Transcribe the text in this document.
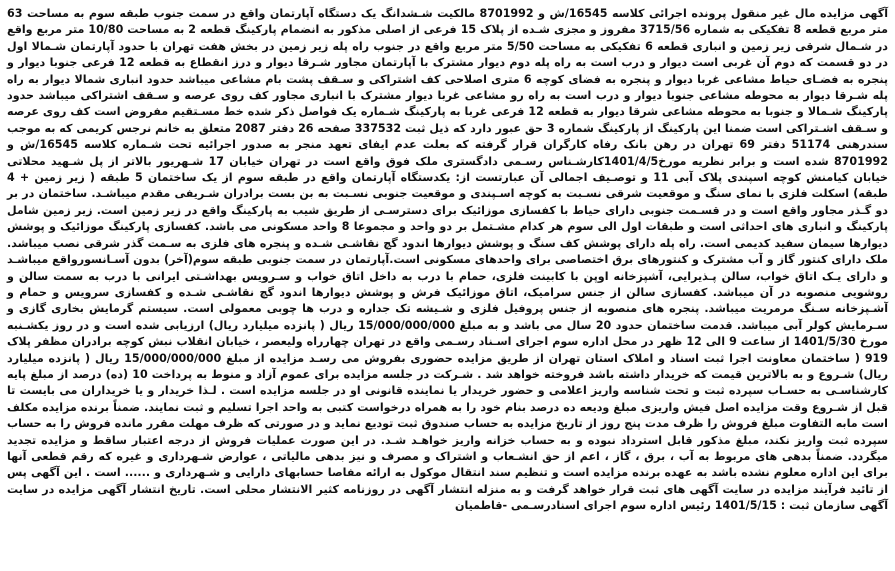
آگهی مزایده مال غیر منقول پرونده اجرائی کلاسه 16545/ش و 8701992 مالکیت شـشدانگ یک دستگاه آپارتمان واقع در سمت جنوب طبقه سوم به مساحت 63 متر مربع قطعه 8 تفکیکی به شماره 3715/56 مفروز و مجزی شـده از پلاک 15 فرعی از اصلی مذکور به انضمام پارکینگ قطعه 2 به مساحت 10/80 متر مربع واقع در شـمال شرقی زیر زمین و انباری قطعه 6 تفکیکی به مساحت 5/50 متر مربع واقع در جنوب راه پله زیر زمین در بخش هفت تهران با حدود آپارتمان شـمالا اول در دو قسمت که دوم آن غربی است دیوار و درب است به راه پله دوم دیوار مشترک با آپارتمان مجاور شـرقا دیوار و درز انقطاع به قطعه 12 فرعی جنوبا دیوار و پنجره به فضـای حیاط مشاعی غربا دیوار و پنجره به فضای کوچه 6 متری اصلاحی کف اشتراکی و سـقف پشت بام مشاعی میباشد حدود انباری شمالا دیوار به راه پله شـرقا دیوار به محوطه مشاعی جنوبا دیوار و درب است به راه رو مشاعی غربا دیوار مشترک با انباری مجاور کف روی عرصه و سـقف اشتراکی میباشد حدود پارکینگ شـمالا و جنوبا به محوطه مشاعی شرقا دیوار به قطعه 12 فرعی غربا به پارکینگ شـماره یک فواصل ذکر شده خط مسـتقیم مفروض است کف روی عرصه و سـقف اشـتراکی است ضمنا این پارکینگ از پارکینگ شماره 3 حق عبور دارد که ذیل ثبت 337532 صفحه 26 دفتر 2087 متعلق به خانم نرجس کریمی که به موجب سندرهنی 51174 دفتر 69 تهران در رهن بانک رفاه کارگران قرار گرفته که بعلت عدم ایفای تعهد منجر به صدور اجرائیه تحت شـماره کلاسه 16545/ش و 8701992 شده است و برابر نظریه مورخ1401/4/5کارشـناس رسـمی دادگستری ملک فوق واقع است در تهران خیابان 17 شـهریور بالاتر از پل شـهید محلاتی خیابان کیامنش کوچه اسپندی پلاک آبی 11 و توصـیف اجمالی آن عبارتست از: یکدستگاه آپارتمان واقع در طبقه سوم از یک ساختمان 5 طبقه ( زیر زمین + 4 طبقه) اسکلت فلزی با نمای سنگ و موقعیت شرقی نسـبت به کوچه اسـپندی و موقعیت جنوبی نسـبت به بن بست برادران شـریفی مقدم میباشـد. ساختمان در بر دو گـذر مجاور واقع است و در قسـمت جنوبی دارای حیاط با کفسازی موزائیک برای دسترسـی از طریق شیب به پارکینگ واقع در زیر زمین است. زیر زمین شامل پارکینگ و انباری های احداثی است و طبقات اول الی سوم هر کدام مشـتمل بر دو واحد و مجموعا 8 واحد مسکونی می باشد. کفسازی پارکینگ موزائیک و پوشش دیوارها سیمان سفید کدیمی است. راه پله دارای پوشش کف سنگ و پوشش دیوارها اندود گچ نقاشـی شـده و پنجره های فلزی به سـمت گذر شرقی نصب میباشد. ملک دارای کنتور گاز و آب مشترک و کنتورهای برق اختصاصی برای واحدهای مسکونی است.آپارتمان در سمت جنوبی طبقه سوم(آخر) بدون آسـانسورواقع میباشـد و دارای یـک اتاق خواب، سالن پـذیرایی، آشپزخانه اوپن با کابینت فلزی، حمام با درب به داخل اتاق خواب و سـرویس بهداشـتی ایرانی با درب به سمت سالن و روشویی منصوبه در آن میباشد. کفسازی سالن از جنس سرامیک، اتاق موزائیک فرش و پوشش دیوارها اندود گچ نقاشـی شـده و کفسازی سرویس و حمام و آشـپزخانه سـنگ مرمریت میباشد. پنجره های منصوبه از جنس پروفیل فلزی و شـیشه تک جداره و درب ها چوبی معمولی است. سیستم گرمایش بخاری گازی و سـرمایش کولر آبی میباشد. قدمت ساختمان حدود 20 سال می باشد و به مبلغ 15/000/000/000 ریال ( پانزده میلیارد ریال) ارزیابی شده است و در روز یکشـنبه مورخ 1401/5/30 از ساعت 9 الی 12 ظهر در محل اداره سوم اجرای اسـناد رسـمی واقع در تهران چهارراه ولیعصر ، خیابان انقلاب نبش کوچه برادران مظفر پلاک 919 ( ساختمان معاونت اجرا ثبت اسناد و املاک استان تهران از طریق مزایده حضوری بفروش می رسـد مزایده از مبلغ 15/000/000/000 ریال ( پانزده میلیارد ریال) شـروع و به بالاترین قیمت که خریدار داشته باشد فروخته خواهد شد . شـرکت در جلسه مزایده برای عموم آزاد و منوط به پرداخت 10 (ده) درصد از مبلغ پایه کارشناسـی به حسـاب سپرده ثبت و تحت شناسه واریز اعلامی و حضور خریدار یا نماینده قانونی او در جلسه مزایده است . لـذا خریدار و یا خریداران می بایست تا قبل از شـروع وقت مزایده اصل فیش واریزی مبلغ ودیعه ده درصد بنام خود را به همراه درخواست کتبی به واحد اجرا تسلیم و ثبت نمایند. ضمناً برنده مزایده مکلف است مابه التفاوت مبلغ فروش را ظرف مدت پنج روز از تاریخ مزایده به حساب صندوق ثبت تودیع نماید و در صورتی که ظرف مهلت مقرر مانده فروش را به حساب سپرده ثبت واریز نکند، مبلغ مذکور قابل استرداد نبوده و به حساب خزانه واریز خواهـد شـد. در این صورت عملیات فروش از درجه اعتبار ساقط و مزایده تجدید میگردد. ضمناً بدهی های مربوط به آب ، برق ، گاز ، اعم از حق انشـعاب و اشتراک و مصرف و نیز بدهی مالیاتی ، عوارض شـهرداری و غیره که رقم قطعی آنها برای این اداره معلوم نشده باشد به عهده برنده مزایده است و تنظیم سند انتقال موکول به ارائه مفاصا حسابهای دارایی و شـهرداری و ...... است . این آگهی پس از تائید فرآیند مزایده در سایت آگهی های ثبت قرار خواهد گرفت و به منزله انتشار آگهی در روزنامه کثیر الانتشار محلی است. تاریخ انتشار آگهی مزایده در سایت آگهی سازمان ثبت : 1401/5/15 رئیس اداره سوم اجرای اسنادرسـمی -قاطمیان
